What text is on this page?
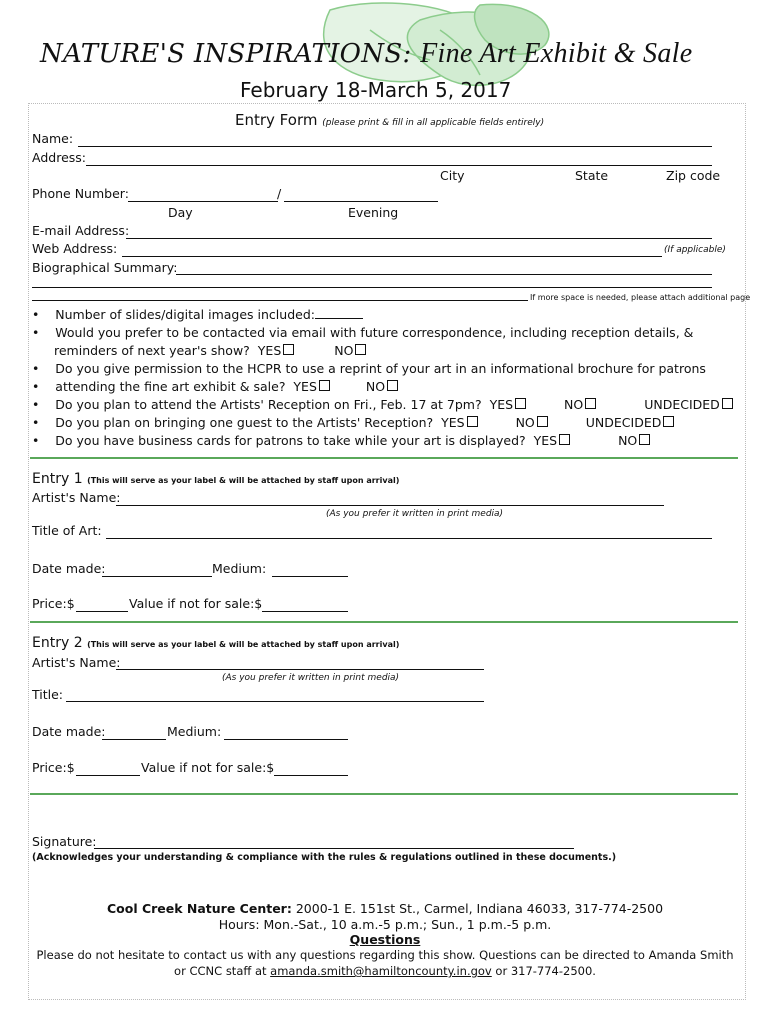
NATURE'S INSPIRATIONS: Fine Art Exhibit & Sale
February 18-March 5, 2017
Entry Form (please print & fill in all applicable fields entirely)
Name:
Address:
City	State	Zip code
Phone Number:	/
Day	Evening
E-mail Address:
Web Address:	(If applicable)
Biographical Summary:
If more space is needed, please attach additional page
•    Number of slides/digital images included:
•    Would you prefer to be contacted via email with future correspondence, including reception details, &
reminders of next year's show? YES	NO
•    Do you give permission to the HCPR to use a reprint of your art in an informational brochure for patrons
•    attending the fine art exhibit & sale? YES	NO
•    Do you plan to attend the Artists' Reception on Fri., Feb. 17 at 7pm? YES	NO	UNDECIDED
•    Do you plan on bringing one guest to the Artists' Reception? YES	NO	UNDECIDED
•    Do you have business cards for patrons to take while your art is displayed? YES	NO
Entry 1 (This will serve as your label & will be attached by staff upon arrival)
Artist's Name:
(As you prefer it written in print media)
Title of Art:
Date made:	Medium:
Price:$	Value if not for sale:$
Entry 2 (This will serve as your label & will be attached by staff upon arrival)
Artist's Name:
(As you prefer it written in print media)
Title:
Date made:	Medium:
Price:$	Value if not for sale:$
Signature:
(Acknowledges your understanding & compliance with the rules & regulations outlined in these documents.)
Cool Creek Nature Center: 2000-1 E. 151st St., Carmel, Indiana 46033, 317-774-2500
Hours: Mon.-Sat., 10 a.m.-5 p.m.; Sun., 1 p.m.-5 p.m.
Questions
Please do not hesitate to contact us with any questions regarding this show. Questions can be directed to Amanda Smith
or CCNC staff at amanda.smith@hamiltoncounty.in.gov or 317-774-2500.
